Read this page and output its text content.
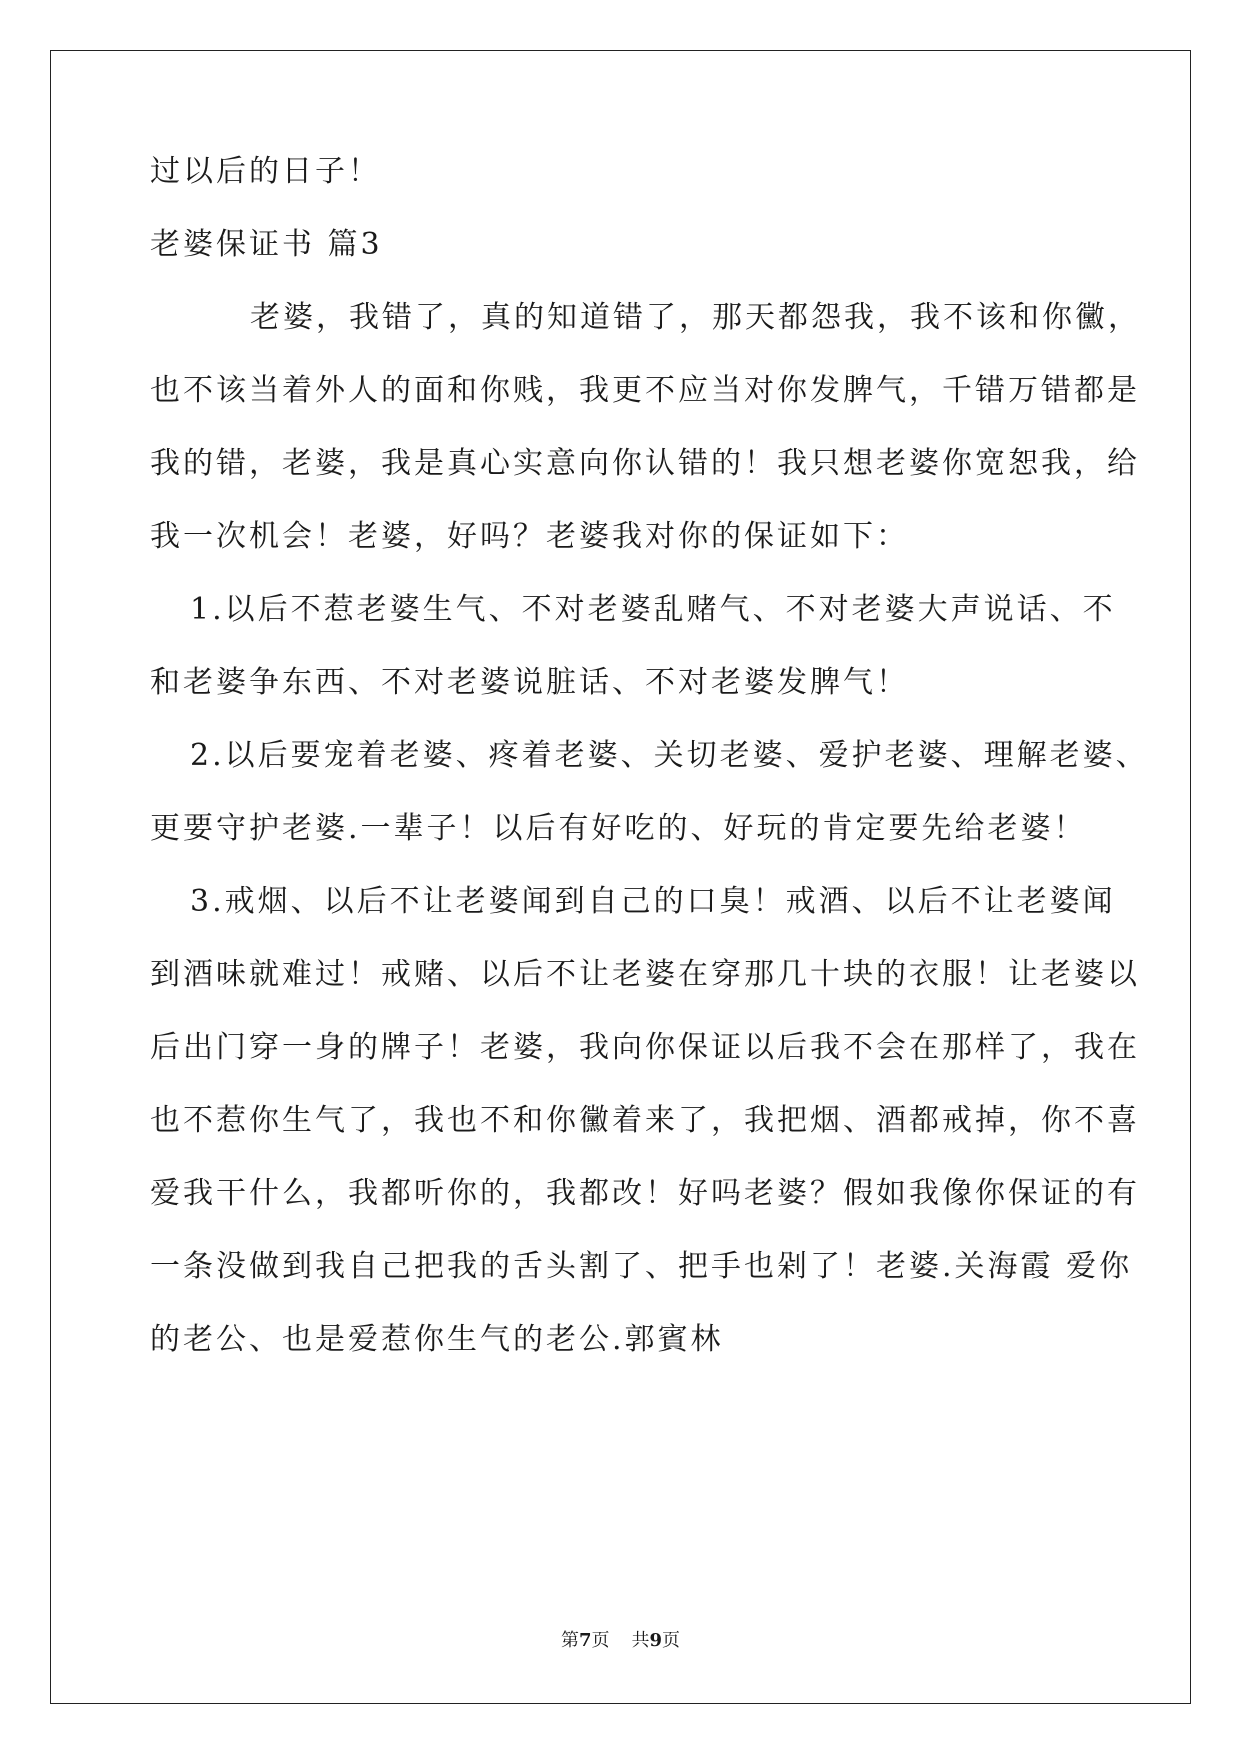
过以后的日子！
老婆保证书 篇3
老婆，我错了，真的知道错了，那天都怨我，我不该和你黴，
也不该当着外人的面和你贱，我更不应当对你发脾气，千错万错都是
我的错，老婆，我是真心实意向你认错的！我只想老婆你宽恕我，给
我一次机会！老婆，好吗？老婆我对你的保证如下：
1.以后不惹老婆生气、不对老婆乱赌气、不对老婆大声说话、不
和老婆争东西、不对老婆说脏话、不对老婆发脾气！
2.以后要宠着老婆、疼着老婆、关切老婆、爱护老婆、理解老婆、
更要守护老婆.一辈子！以后有好吃的、好玩的肯定要先给老婆！
3.戒烟、以后不让老婆闻到自己的口臭！戒酒、以后不让老婆闻
到酒味就难过！戒赌、以后不让老婆在穿那几十块的衣服！让老婆以
后出门穿一身的牌子！老婆，我向你保证以后我不会在那样了，我在
也不惹你生气了，我也不和你黴着来了，我把烟、酒都戒掉，你不喜
爱我干什么，我都听你的，我都改！好吗老婆？假如我像你保证的有
一条没做到我自己把我的舌头割了、把手也剁了！老婆.关海霞 爱你
的老公、也是爱惹你生气的老公.郭賓林
第7页 共9页
